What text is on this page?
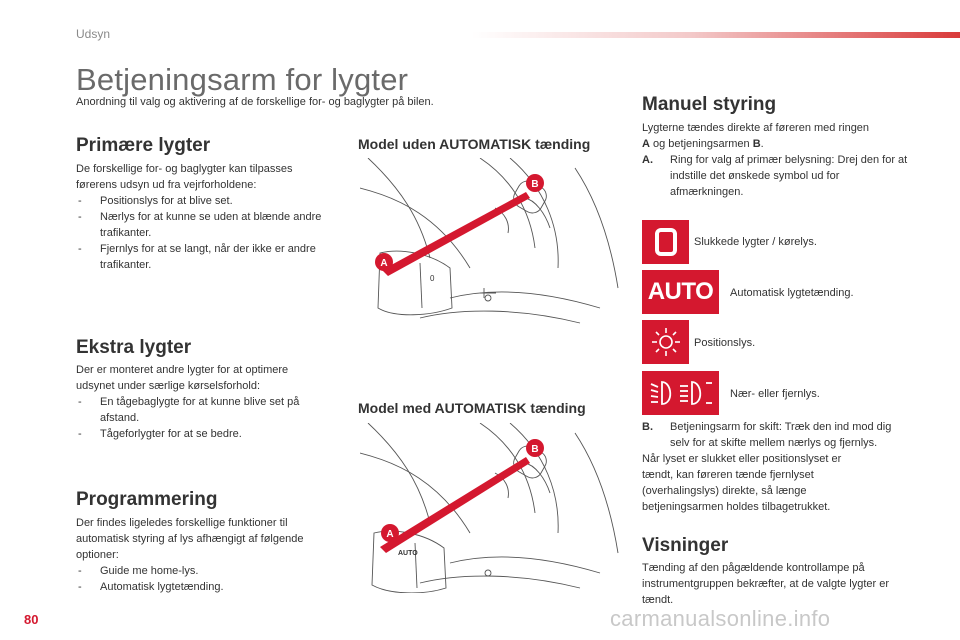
Udsyn
Betjeningsarm for lygter
Anordning til valg og aktivering af de forskellige for- og baglygter på bilen.
Primære lygter

De forskellige for- og baglygter kan tilpasses førerens udsyn ud fra vejrforholdene:

- Positionslys for at blive set.
- Nærlys for at kunne se uden at blænde andre trafikanter.
- Fjernlys for at se langt, når der ikke er andre trafikanter.
Ekstra lygter

Der er monteret andre lygter for at optimere udsynet under særlige kørselsforhold:

- En tågebaglygte for at kunne blive set på afstand.
- Tågeforlygter for at se bedre.
Programmering

Der findes ligeledes forskellige funktioner til automatisk styring af lys afhængigt af følgende optioner:

- Guide me home-lys.
- Automatisk lygtetænding.
Model uden AUTOMATISK tænding
0
A
B
Model med AUTOMATISK tænding
AUTO
A
B
Manuel styring

Lygterne tændes direkte af føreren med ringen
A og betjeningsarmen B.

A. Ring for valg af primær belysning: Drej den for at indstille det ønskede symbol ud for afmærkningen.

Slukkede lygter / kørelys.
AUTO Automatisk lygtetænding.
Positionslys.
Nær- eller fjernlys.

B. Betjeningsarm for skift: Træk den ind mod dig selv for at skifte mellem nærlys og fjernlys.

Når lyset er slukket eller positionslyset er tændt, kan føreren tænde fjernlyset (overhalingslys) direkte, så længe betjeningsarmen holdes tilbagetrukket.

Visninger

Tænding af den pågældende kontrollampe på instrumentgruppen bekræfter, at de valgte lygter er tændt.

80	carmanualsonline.info
